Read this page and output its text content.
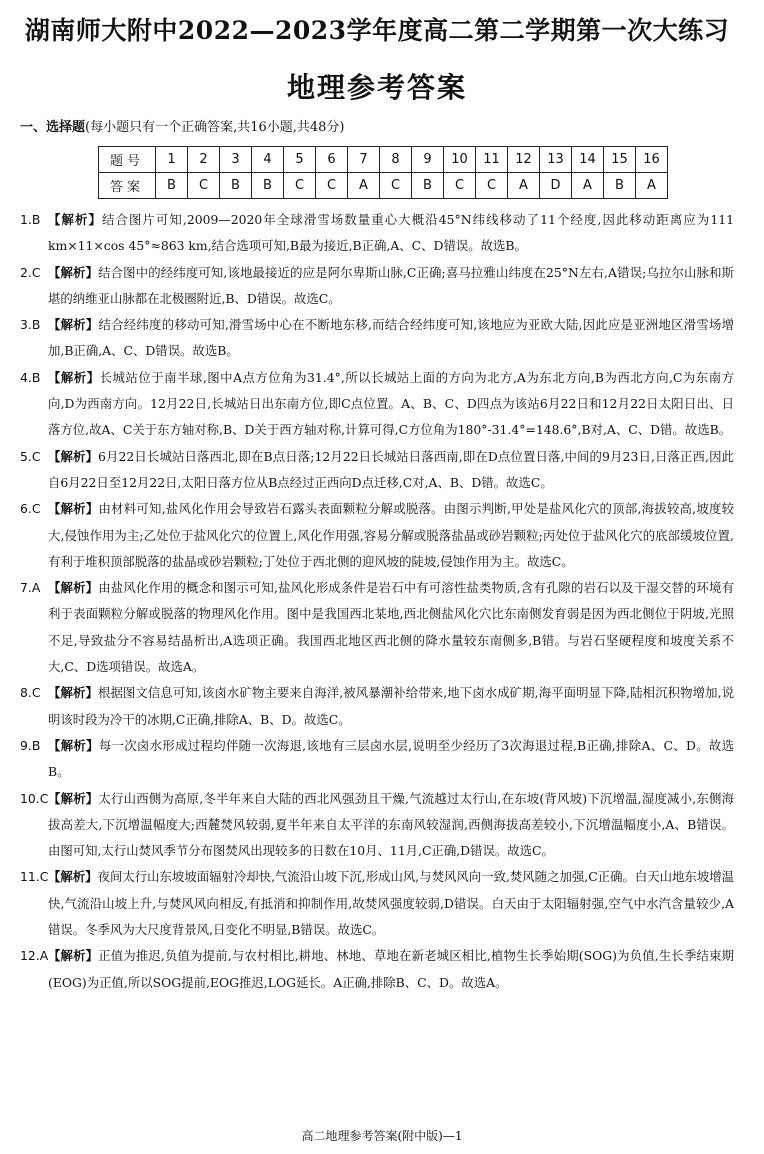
湖南师大附中2022—2023学年度高二第二学期第一次大练习
地理参考答案
一、选择题(每小题只有一个正确答案,共16小题,共48分)
题号	1	2	3	4	5	6	7	8	9	10	11	12	13	14	15	16
答案	B	C	B	B	C	C	A	C	B	C	C	A	D	A	B	A
1.B 【解析】结合图片可知,2009—2020年全球滑雪场数量重心大概沿45°N纬线移动了11个经度,因此移动距离应为111 km×11×cos 45°≈863 km,结合选项可知,B最为接近,B正确,A、C、D错误。故选B。
2.C 【解析】结合图中的经纬度可知,该地最接近的应是阿尔卑斯山脉,C正确;喜马拉雅山纬度在25°N左右,A错误;乌拉尔山脉和斯堪的纳维亚山脉都在北极圈附近,B、D错误。故选C。
3.B 【解析】结合经纬度的移动可知,滑雪场中心在不断地东移,而结合经纬度可知,该地应为亚欧大陆,因此应是亚洲地区滑雪场增加,B正确,A、C、D错误。故选B。
4.B 【解析】长城站位于南半球,图中A点方位角为31.4°,所以长城站上面的方向为北方,A为东北方向,B为西北方向,C为东南方向,D为西南方向。12月22日,长城站日出东南方位,即C点位置。A、B、C、D四点为该站6月22日和12月22日太阳日出、日落方位,故A、C关于东方轴对称,B、D关于西方轴对称,计算可得,C方位角为180°-31.4°=148.6°,B对,A、C、D错。故选B。
5.C 【解析】6月22日长城站日落西北,即在B点日落;12月22日长城站日落西南,即在D点位置日落,中间的9月23日,日落正西,因此自6月22日至12月22日,太阳日落方位从B点经过正西向D点迁移,C对,A、B、D错。故选C。
6.C 【解析】由材料可知,盐风化作用会导致岩石露头表面颗粒分解或脱落。由图示判断,甲处是盐风化穴的顶部,海拔较高,坡度较大,侵蚀作用为主;乙处位于盐风化穴的位置上,风化作用强,容易分解或脱落盐晶或砂岩颗粒;丙处位于盐风化穴的底部缓坡位置,有利于堆积顶部脱落的盐晶或砂岩颗粒;丁处位于西北侧的迎风坡的陡坡,侵蚀作用为主。故选C。
7.A 【解析】由盐风化作用的概念和图示可知,盐风化形成条件是岩石中有可溶性盐类物质,含有孔隙的岩石以及干湿交替的环境有利于表面颗粒分解或脱落的物理风化作用。图中是我国西北某地,西北侧盐风化穴比东南侧发育弱是因为西北侧位于阴坡,光照不足,导致盐分不容易结晶析出,A选项正确。我国西北地区西北侧的降水量较东南侧多,B错。与岩石坚硬程度和坡度关系不大,C、D选项错误。故选A。
8.C 【解析】根据图文信息可知,该卤水矿物主要来自海洋,被风暴潮补给带来,地下卤水成矿期,海平面明显下降,陆相沉积物增加,说明该时段为冷干的冰期,C正确,排除A、B、D。故选C。
9.B 【解析】每一次卤水形成过程均伴随一次海退,该地有三层卤水层,说明至少经历了3次海退过程,B正确,排除A、C、D。故选B。
10.C 【解析】太行山西侧为高原,冬半年来自大陆的西北风强劲且干燥,气流越过太行山,在东坡(背风坡)下沉增温,湿度减小,东侧海拔高差大,下沉增温幅度大;西麓焚风较弱,夏半年来自太平洋的东南风较湿润,西侧海拔高差较小,下沉增温幅度小,A、B错误。由图可知,太行山焚风季节分布图焚风出现较多的日数在10月、11月,C正确,D错误。故选C。
11.C 【解析】夜间太行山东坡坡面辐射冷却快,气流沿山坡下沉,形成山风,与焚风风向一致,焚风随之加强,C正确。白天山地东坡增温快,气流沿山坡上升,与焚风风向相反,有抵消和抑制作用,故焚风强度较弱,D错误。白天由于太阳辐射强,空气中水汽含量较少,A错误。冬季风为大尺度背景风,日变化不明显,B错误。故选C。
12.A 【解析】正值为推迟,负值为提前,与农村相比,耕地、林地、草地在新老城区相比,植物生长季始期(SOG)为负值,生长季结束期(EOG)为正值,所以SOG提前,EOG推迟,LOG延长。A正确,排除B、C、D。故选A。
高二地理参考答案(附中版)—1
